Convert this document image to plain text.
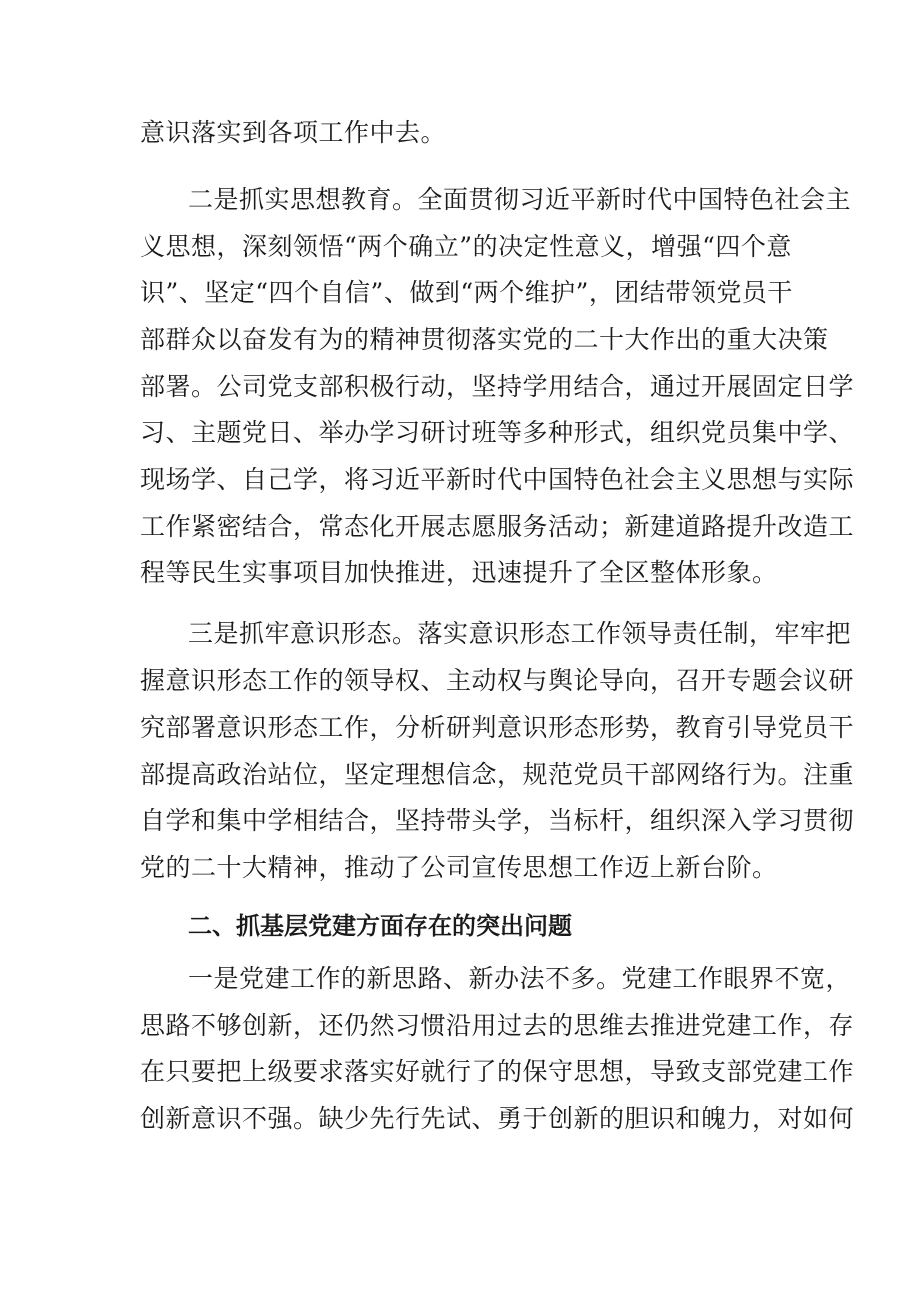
意识落实到各项工作中去。
二是抓实思想教育。全面贯彻习近平新时代中国特色社会主
义思想，深刻领悟“两个确立”的决定性意义，增强“四个意
识”、坚定“四个自信”、做到“两个维护”，团结带领党员干
部群众以奋发有为的精神贯彻落实党的二十大作出的重大决策
部署。公司党支部积极行动，坚持学用结合，通过开展固定日学
习、主题党日、举办学习研讨班等多种形式，组织党员集中学、
现场学、自己学，将习近平新时代中国特色社会主义思想与实际
工作紧密结合，常态化开展志愿服务活动；新建道路提升改造工
程等民生实事项目加快推进，迅速提升了全区整体形象。
三是抓牢意识形态。落实意识形态工作领导责任制，牢牢把
握意识形态工作的领导权、主动权与舆论导向，召开专题会议研
究部署意识形态工作，分析研判意识形态形势，教育引导党员干
部提高政治站位，坚定理想信念，规范党员干部网络行为。注重
自学和集中学相结合，坚持带头学，当标杆，组织深入学习贯彻
党的二十大精神，推动了公司宣传思想工作迈上新台阶。
二、抓基层党建方面存在的突出问题
一是党建工作的新思路、新办法不多。党建工作眼界不宽，
思路不够创新，还仍然习惯沿用过去的思维去推进党建工作，存
在只要把上级要求落实好就行了的保守思想，导致支部党建工作
创新意识不强。缺少先行先试、勇于创新的胆识和魄力，对如何
